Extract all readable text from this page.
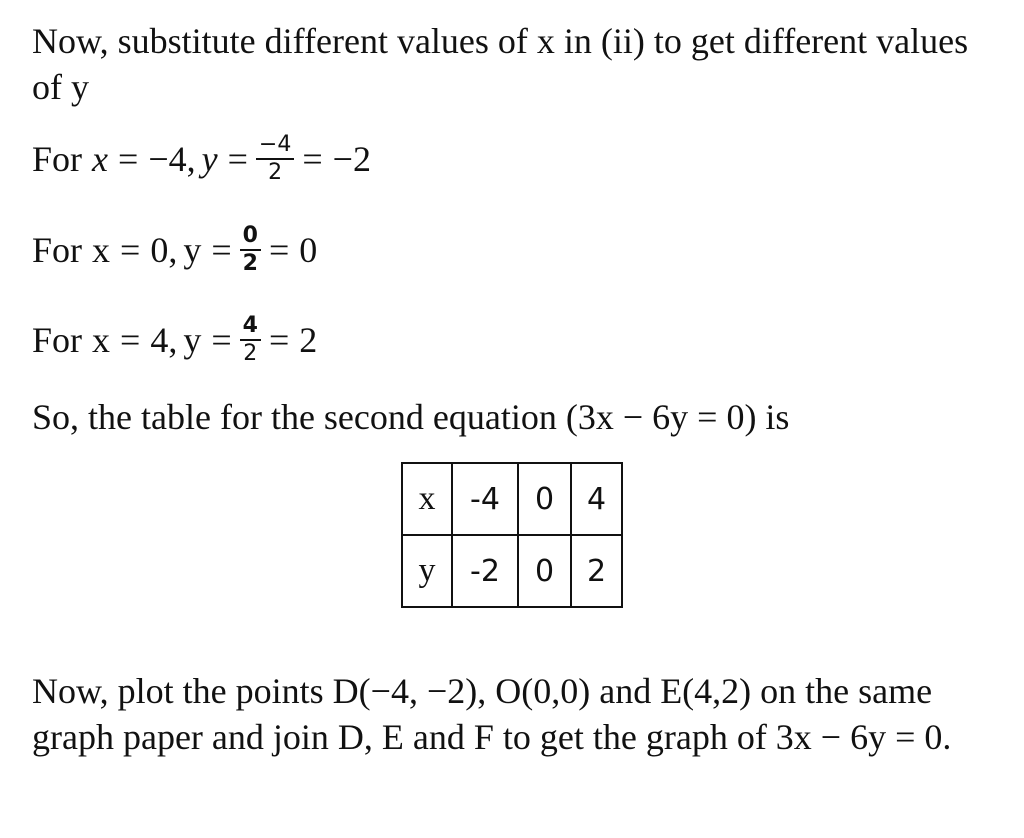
Now, substitute different values of x in (ii) to get different values of y
For x = −4, $y = \frac{-4}{2} = -2$
For x = 0, $y = \frac{0}{2} = 0$
For x = 4, $y = \frac{4}{2} = 2$
So, the table for the second equation (3x − 6y = 0) is
x	-4	0	4
y	-2	0	2
Now, plot the points D(−4, −2), O(0,0) and E(4,2) on the same graph paper and join D, E and F to get the graph of 3x − 6y = 0.
